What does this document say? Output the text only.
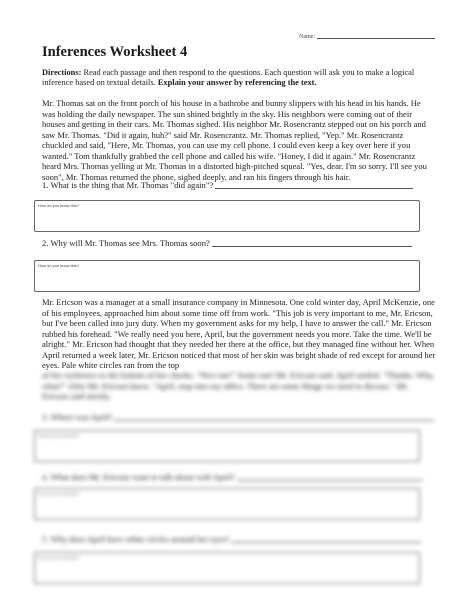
Name:
Inferences Worksheet 4
Directions: Read each passage and then respond to the questions. Each question will ask you to make a logical inference based on textual details. Explain your answer by referencing the text.
Mr. Thomas sat on the front porch of his house in a bathrobe and bunny slippers with his head in his hands. He was holding the daily newspaper. The sun shined brightly in the sky. His neighbors were coming out of their houses and getting in their cars. Mr. Thomas sighed. His neighbor Mr. Rosencrantz stepped out on his porch and saw Mr. Thomas. "Did it again, huh?" said Mr. Rosencrantz. Mr. Thomas replied, "Yep." Mr. Rosencrantz chuckled and said, "Here, Mr. Thomas, you can use my cell phone. I could even keep a key over here if you wanted." Tom thankfully grabbed the cell phone and called his wife. "Honey, I did it again." Mr. Rosencrantz heard Mrs. Thomas yelling at Mr. Thomas in a distorted high-pitched squeal. "Yes, dear. I'm so sorry. I'll see you soon", Mr. Thomas returned the phone, sighed deeply, and ran his fingers through his hair.
1. What is the thing that Mr. Thomas "did again"?
How do you know this?
2. Why will Mr. Thomas see Mrs. Thomas soon?
How do you know this?
Mr. Ericson was a manager at a small insurance company in Minnesota. One cold winter day, April McKenzie, one of his employees, approached him about some time off from work. "This job is very important to me, Mr. Ericson, but I've been called into jury duty. When my government asks for my help, I have to answer the call." Mr. Ericson rubbed his forehead. "We really need you here, April, but the government needs you more. Take the time. We'll be alright." Mr. Ericson had thought that they needed her there at the office, but they managed fine without her. When April returned a week later, Mr. Ericson noticed that most of her skin was bright shade of red except for around her eyes. Pale white circles ran from the top
of her eyebrows to the bottom of her cheeks. "Nice tan!" Some sun! Mr. Ericson said. April smiled. "Thanks. Why, what?" After Mr. Ericson knew, "April, stop into my office. There are some things we need to discuss." Mr. Ericson said sternly.
3. Where was April?
How do you know this?
4. What does Mr. Ericson want to talk about with April?
How do you know this?
5. Why does April have white circles around her eyes?
How do you know this?
